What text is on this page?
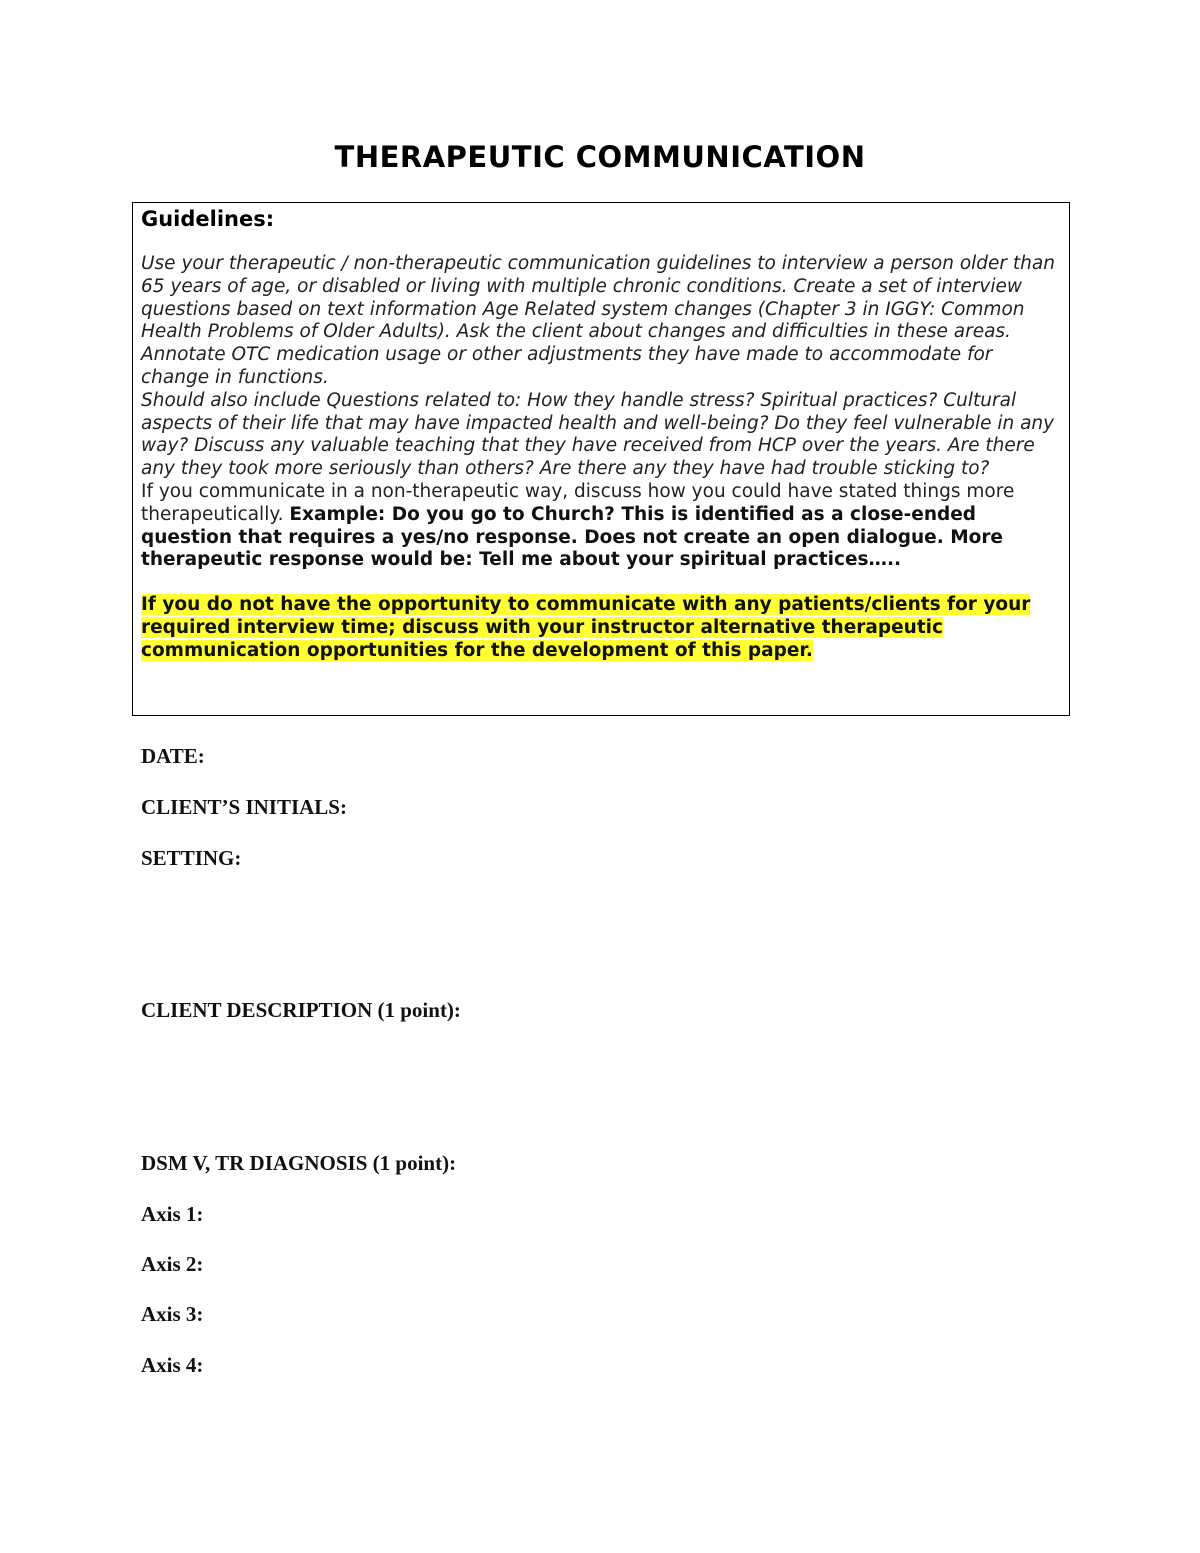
THERAPEUTIC COMMUNICATION
Guidelines:

Use your therapeutic / non-therapeutic communication guidelines to interview a person older than 65 years of age, or disabled or living with multiple chronic conditions. Create a set of interview questions based on text information Age Related system changes (Chapter 3 in IGGY: Common Health Problems of Older Adults). Ask the client about changes and difficulties in these areas. Annotate OTC medication usage or other adjustments they have made to accommodate for change in functions.

Should also include Questions related to: How they handle stress? Spiritual practices? Cultural aspects of their life that may have impacted health and well-being? Do they feel vulnerable in any way? Discuss any valuable teaching that they have received from HCP over the years. Are there any they took more seriously than others? Are there any they have had trouble sticking to?

If you communicate in a non-therapeutic way, discuss how you could have stated things more therapeutically. Example: Do you go to Church? This is identified as a close-ended question that requires a yes/no response. Does not create an open dialogue. More therapeutic response would be: Tell me about your spiritual practices…..

If you do not have the opportunity to communicate with any patients/clients for your required interview time; discuss with your instructor alternative therapeutic communication opportunities for the development of this paper.

DATE:
CLIENT’S INITIALS:
SETTING:
CLIENT DESCRIPTION (1 point):
DSM V, TR DIAGNOSIS (1 point):
Axis 1:
Axis 2:
Axis 3:
Axis 4:
